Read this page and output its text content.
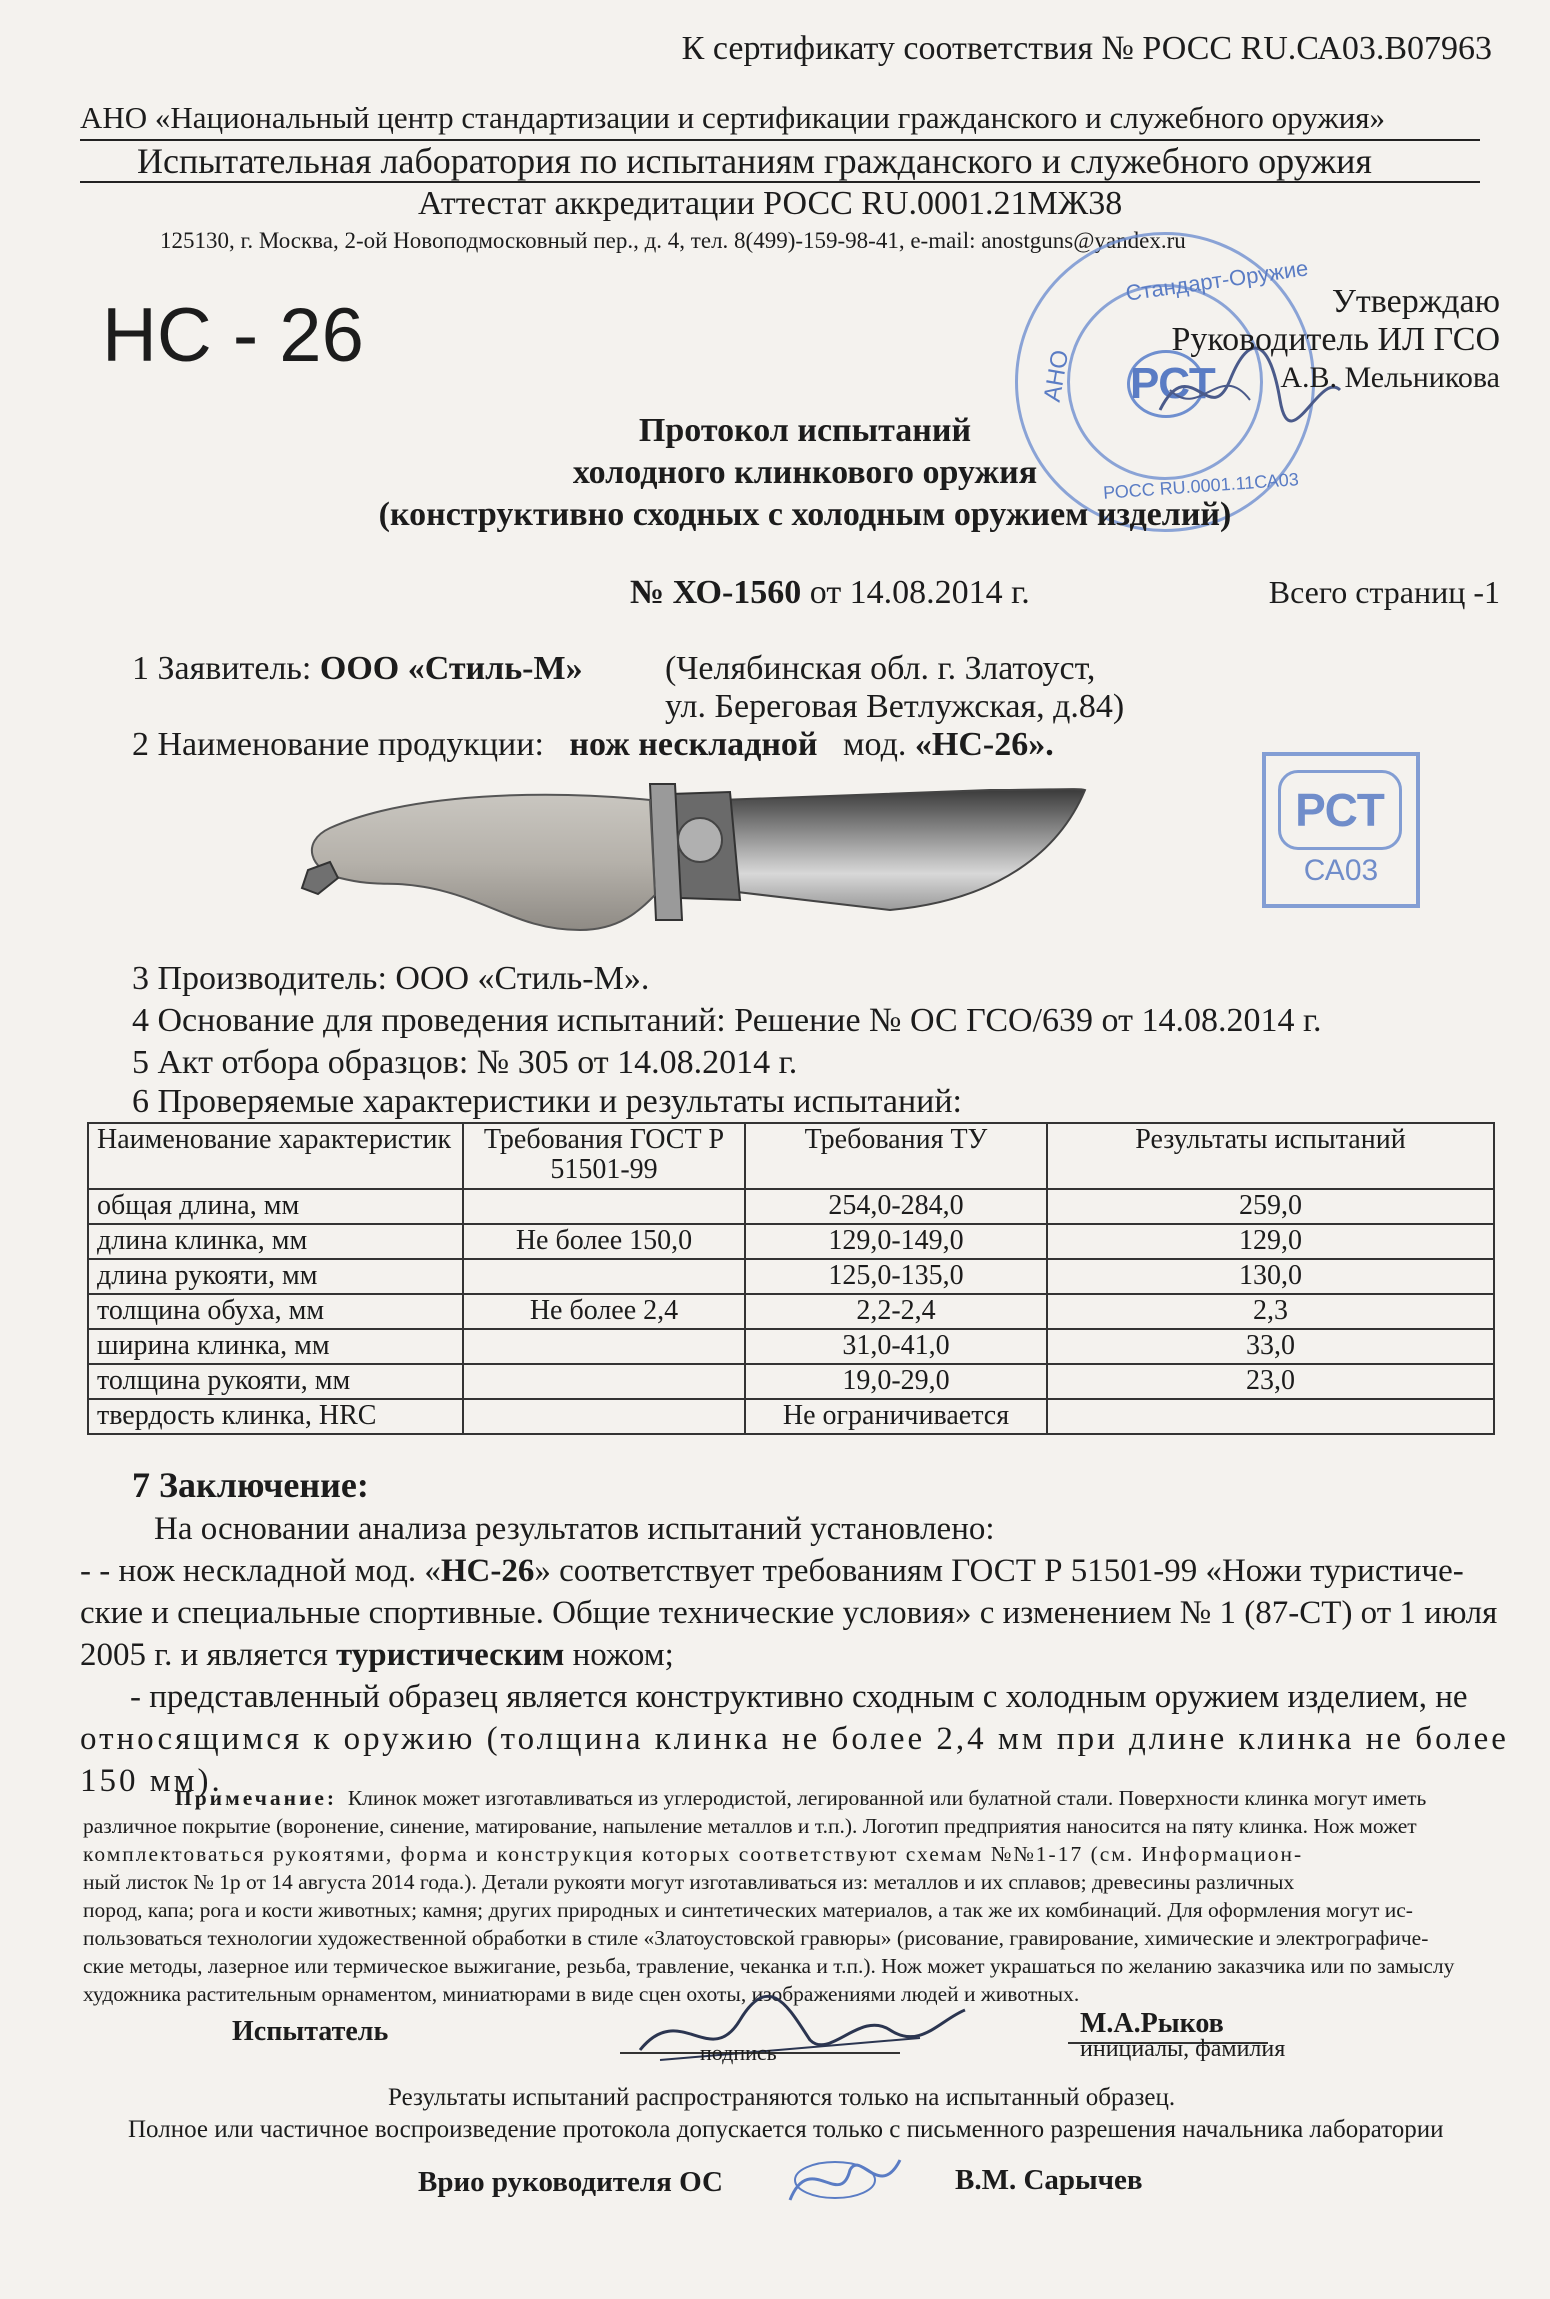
К сертификату соответствия № РОСС RU.СА03.В07963
АНО «Национальный центр стандартизации и сертификации гражданского и служебного оружия»
Испытательная лаборатория по испытаниям гражданского и служебного оружия
Аттестат аккредитации РОСС RU.0001.21МЖ38
125130, г. Москва, 2-ой Новоподмосковный пер., д. 4, тел. 8(499)-159-98-41, e-mail: anostguns@yandex.ru
НС - 26
Стандарт-Оружие
АНО
РОСС RU.0001.11СА03
РСТ
Утверждаю
Руководитель ИЛ ГСО
А.В. Мельникова
Протокол испытаний
холодного клинкового оружия
(конструктивно сходных с холодным оружием изделий)
№ ХО-1560 от 14.08.2014 г.	Всего страниц -1
1 Заявитель: ООО «Стиль-М» (Челябинская обл. г. Златоуст,
ул. Береговая Ветлужская, д.84)
2 Наименование продукции: нож нескладной мод. «НС-26».
РСТ
СА03
3 Производитель: ООО «Стиль-М».
4 Основание для проведения испытаний: Решение № ОС ГСО/639 от 14.08.2014 г.
5 Акт отбора образцов: № 305 от 14.08.2014 г.
6 Проверяемые характеристики и результаты испытаний:
Наименование характеристик	Требования ГОСТ Р 51501-99	Требования ТУ	Результаты испытаний
общая длина, мм		254,0-284,0	259,0
длина клинка, мм	Не более 150,0	129,0-149,0	129,0
длина рукояти, мм		125,0-135,0	130,0
толщина обуха, мм	Не более 2,4	2,2-2,4	2,3
ширина клинка, мм		31,0-41,0	33,0
толщина рукояти, мм		19,0-29,0	23,0
твердость клинка, HRC		Не ограничивается	
7 Заключение:

На основании анализа результатов испытаний установлено:

- - нож нескладной мод. «НС-26» соответствует требованиям ГОСТ Р 51501-99 «Ножи туристиче-

ские и специальные спортивные. Общие технические условия» с изменением № 1 (87-СТ) от 1 июля

2005 г. и является туристическим ножом;

- представленный образец является конструктивно сходным с холодным оружием изделием, не

относящимся к оружию (толщина клинка не более 2,4 мм при длине клинка не более

150 мм).

Примечание: Клинок может изготавливаться из углеродистой, легированной или булатной стали. Поверхности клинка могут иметь
различное покрытие (воронение, синение, матирование, напыление металлов и т.п.). Логотип предприятия наносится на пяту клинка. Нож может
комплектоваться рукоятями, форма и конструкция которых соответствуют схемам №№1-17 (см. Информацион-
ный листок № 1р от 14 августа 2014 года.). Детали рукояти могут изготавливаться из: металлов и их сплавов; древесины различных
пород, капа; рога и кости животных; камня; других природных и синтетических материалов, а так же их комбинаций. Для оформления могут ис-
пользоваться технологии художественной обработки в стиле «Златоустовской гравюры» (рисование, гравирование, химические и электрографиче-
ские методы, лазерное или термическое выжигание, резьба, травление, чеканка и т.п.). Нож может украшаться по желанию заказчика или по замыслу
художника растительным орнаментом, миниатюрами в виде сцен охоты, изображениями людей и животных.
Испытатель
подпись
М.А.Рыков
инициалы, фамилия
Результаты испытаний распространяются только на испытанный образец.
Полное или частичное воспроизведение протокола допускается только с письменного разрешения начальника лаборатории
Врио руководителя ОС	В.М. Сарычев
